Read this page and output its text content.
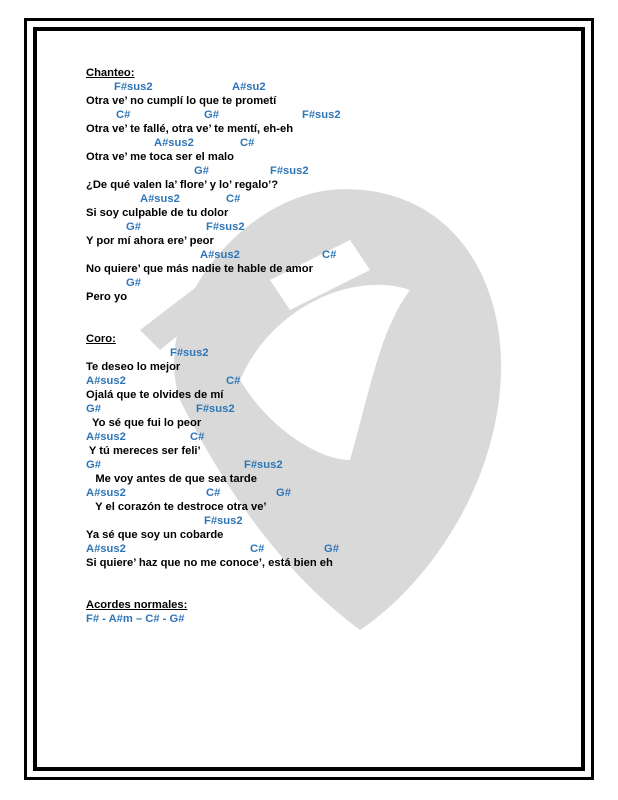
Chanteo:
F#sus2	A#su2
Otra ve’ no cumplí lo que te prometí
C#	G#	F#sus2
Otra ve’ te fallé, otra ve’ te mentí, eh-eh
A#sus2	C#
Otra ve’ me toca ser el malo
G#	F#sus2
¿De qué valen la’ flore’ y lo’ regalo’?
A#sus2	C#
Si soy culpable de tu dolor
G#	F#sus2
Y por mí ahora ere’ peor
A#sus2	C#
No quiere’ que más nadie te hable de amor
G#
Pero yo
Coro:
F#sus2
Te deseo lo mejor
A#sus2	C#
Ojalá que te olvides de mí
G#	F#sus2
Yo sé que fui lo peor
A#sus2	C#
Y tú mereces ser feli’
G#	F#sus2
Me voy antes de que sea tarde
A#sus2	C#	G#
Y el corazón te destroce otra ve’
F#sus2
Ya sé que soy un cobarde
A#sus2	C#	G#
Si quiere’ haz que no me conoce’, está bien eh
Acordes normales:
F# - A#m – C# - G#
